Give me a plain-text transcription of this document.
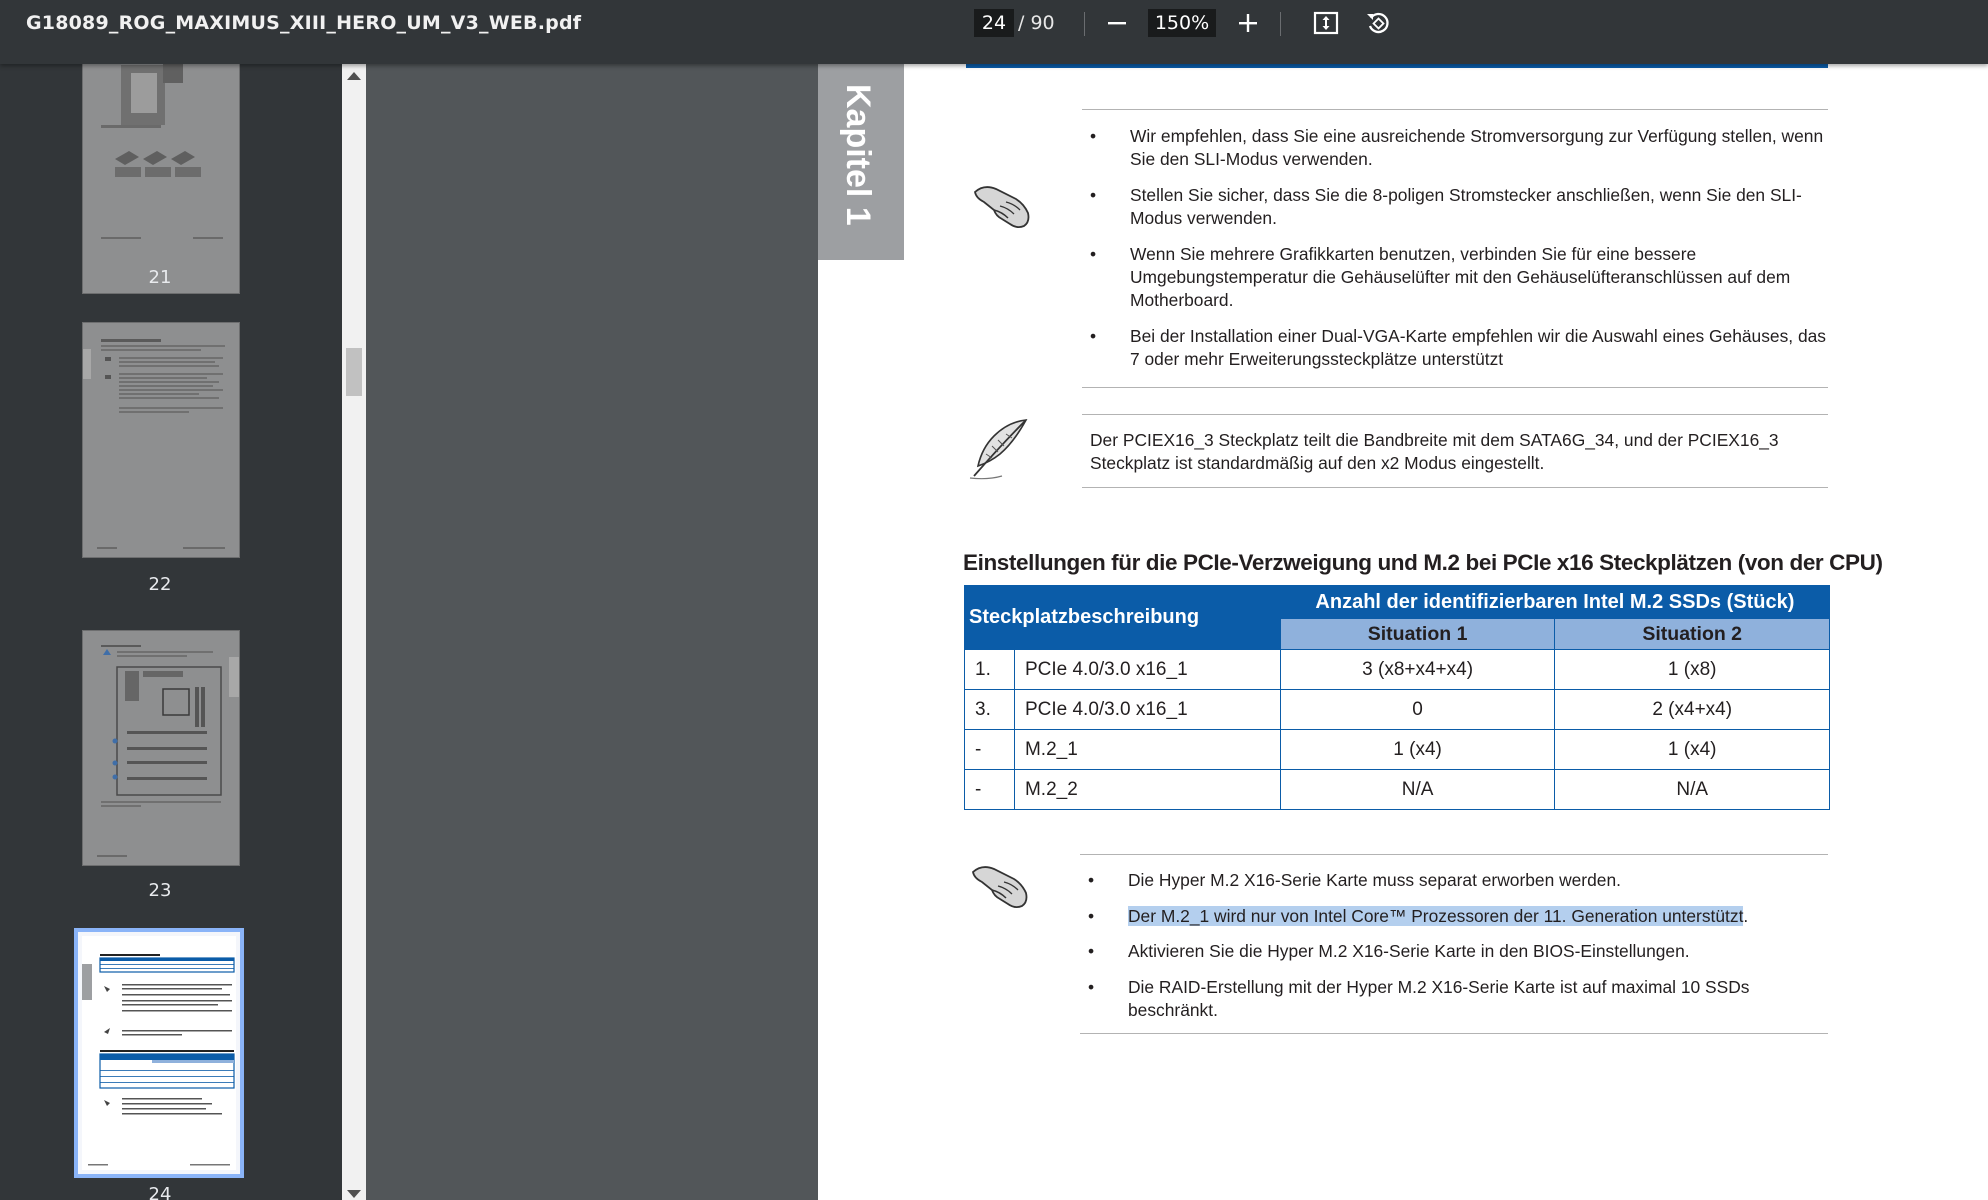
G18089_ROG_MAXIMUS_XIII_HERO_UM_V3_WEB.pdf	24 / 90	150%
21
22
23
24
Kapitel 1	• Wir empfehlen, dass Sie eine ausreichende Stromversorgung zur Verfügung stellen, wenn Sie den SLI-Modus verwenden.
• Stellen Sie sicher, dass Sie die 8-poligen Stromstecker anschließen, wenn Sie den SLI-Modus verwenden.
• Wenn Sie mehrere Grafikkarten benutzen, verbinden Sie für eine bessere Umgebungstemperatur die Gehäuselüfter mit den Gehäuselüfteranschlüssen auf dem Motherboard.
• Bei der Installation einer Dual-VGA-Karte empfehlen wir die Auswahl eines Gehäuses, das 7 oder mehr Erweiterungssteckplätze unterstützt
Der PCIEX16_3 Steckplatz teilt die Bandbreite mit dem SATA6G_34, und der PCIEX16_3 Steckplatz ist standardmäßig auf den x2 Modus eingestellt.
Einstellungen für die PCIe-Verzweigung und M.2 bei PCIe x16 Steckplätzen (von der CPU)
Steckplatzbeschreibung		Anzahl der identifizierbaren Intel M.2 SSDs (Stück)	
		Situation 1	Situation 2
1.	PCIe 4.0/3.0 x16_1	3 (x8+x4+x4)	1 (x8)
3.	PCIe 4.0/3.0 x16_1	0	2 (x4+x4)
-	M.2_1	1 (x4)	1 (x4)
-	M.2_2	N/A	N/A
• Die Hyper M.2 X16-Serie Karte muss separat erworben werden.
• Der M.2_1 wird nur von Intel Core™ Prozessoren der 11. Generation unterstützt.
• Aktivieren Sie die Hyper M.2 X16-Serie Karte in den BIOS-Einstellungen.
• Die RAID-Erstellung mit der Hyper M.2 X16-Serie Karte ist auf maximal 10 SSDs beschränkt.
